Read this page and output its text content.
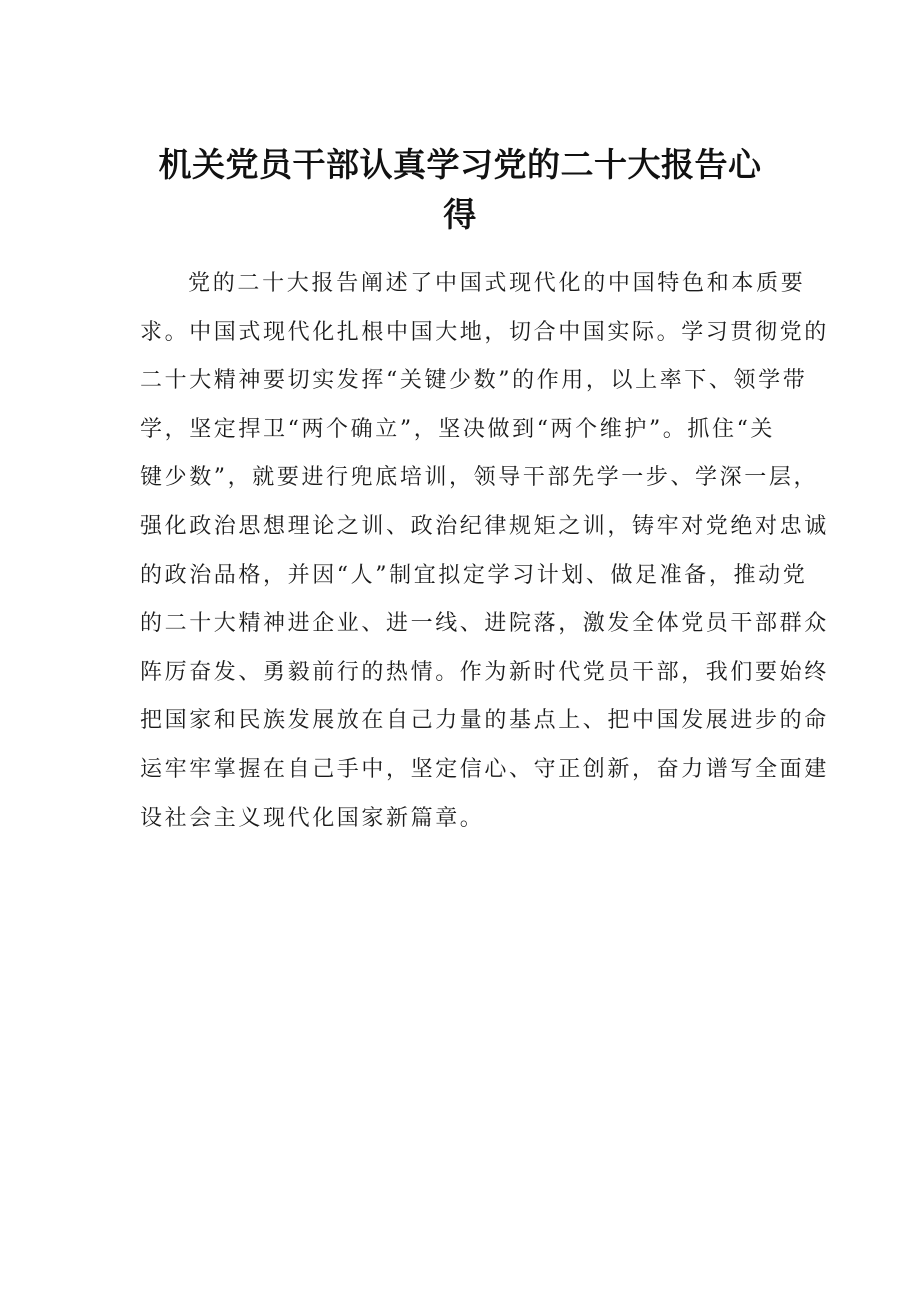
机关党员干部认真学习党的二十大报告心
得
党的二十大报告阐述了中国式现代化的中国特色和本质要
求。中国式现代化扎根中国大地，切合中国实际。学习贯彻党的
二十大精神要切实发挥“关键少数”的作用，以上率下、领学带
学，坚定捍卫“两个确立”，坚决做到“两个维护”。抓住“关
键少数”，就要进行兜底培训，领导干部先学一步、学深一层，
强化政治思想理论之训、政治纪律规矩之训，铸牢对党绝对忠诚
的政治品格，并因“人”制宜拟定学习计划、做足准备，推动党
的二十大精神进企业、进一线、进院落，激发全体党员干部群众
阵厉奋发、勇毅前行的热情。作为新时代党员干部，我们要始终
把国家和民族发展放在自己力量的基点上、把中国发展进步的命
运牢牢掌握在自己手中，坚定信心、守正创新，奋力谱写全面建
设社会主义现代化国家新篇章。
